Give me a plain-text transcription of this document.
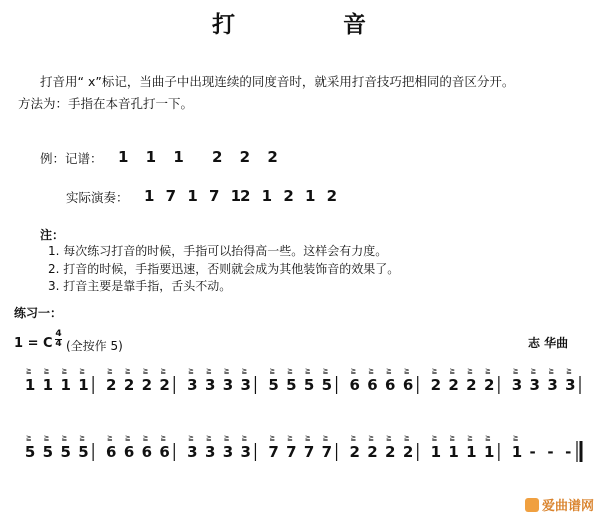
打 音
打音用“ ⅹ”标记，当曲子中出现连续的同度音时，就采用打音技巧把相同的音区分开。
方法为：手指在本音孔打一下。
例：记谱： 1 1 1 2 2 2
实际演奏： 1 7 1 7 1
2 1 2 1 2
注：
1. 每次练习打音的时候，手指可以抬得高一些。这样会有力度。
2. 打音的时候，手指要迅速，否则就会成为其他装饰音的效果了。
3. 打音主要是靠手指，舌头不动。
练习一：
1 = C
4
4 (全按作 5)	志 华曲
1
≧
1
≧
1
≧
1
≧
2
≧
2
≧
2
≧
2
≧
3
≧
3
≧
3
≧
3
≧
5
≧
5
≧
5
≧
5
≧
6
≧
6
≧
6
≧
6
≧
2
≧
2
≧
2
≧
2
≧
3
≧
3
≧
3
≧
3
≧
5
≧
5
≧
5
≧
5
≧
6
≧
6
≧
6
≧
6
≧
3
≧
3
≧
3
≧
3
≧
7
≧
7
≧
7
≧
7
≧
2
≧
2
≧
2
≧
2
≧
1
≧
1
≧
1
≧
1
≧
1
≧
- - -
爱曲谱网
